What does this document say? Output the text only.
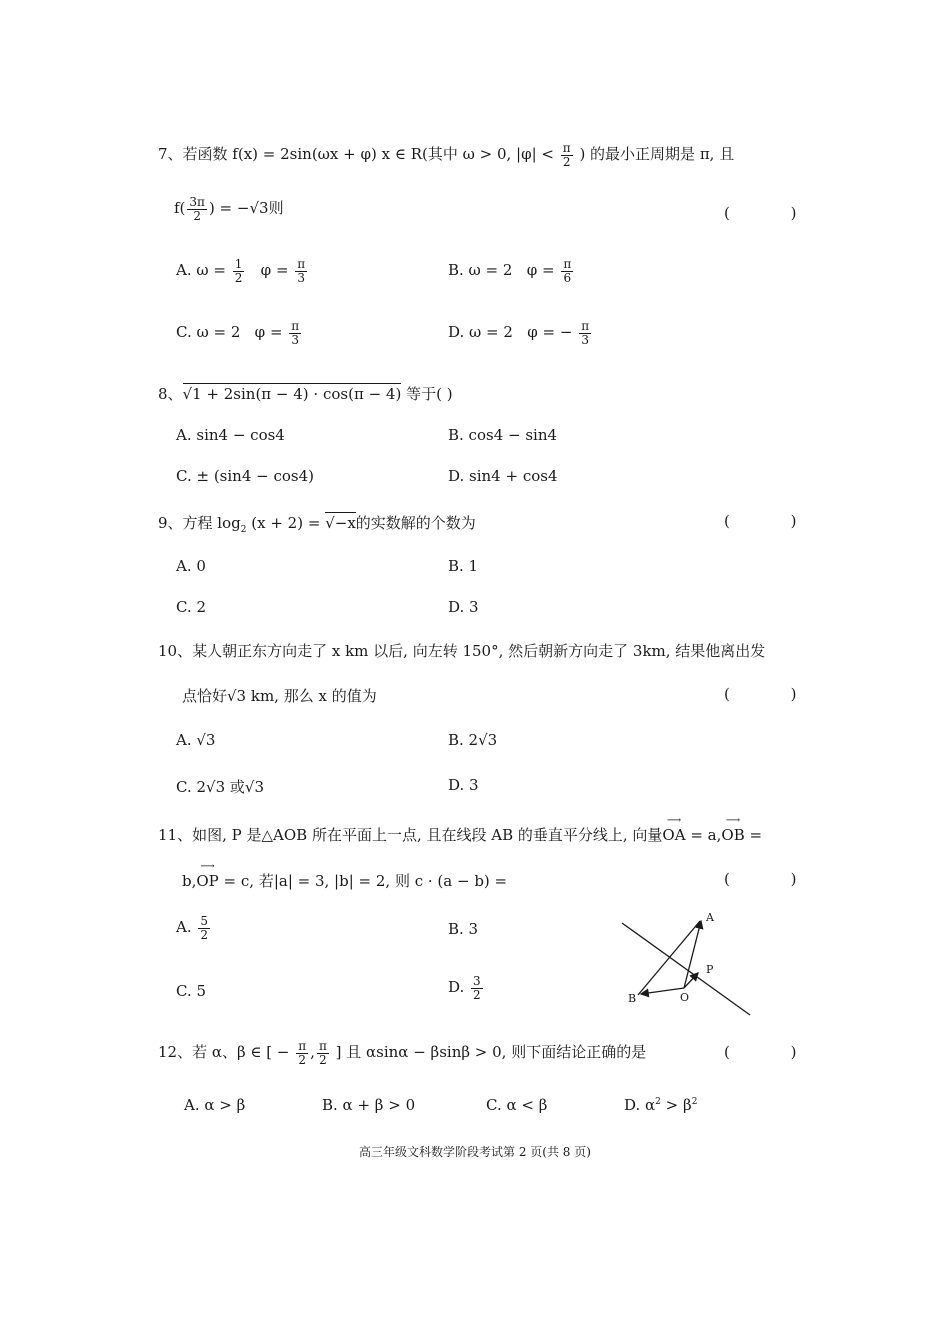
7、若函数 f(x) = 2sin(ωx + φ) x ∈ R(其中 ω > 0, $|\varphi| < \frac{\pi}{2}$ ) 的最小正周期是 π, 且
$f( \frac{3\pi}{2}$ ) = −√3则	( )
A. $\omega = \frac{1}{2}$ $\varphi = \frac{\pi}{3}$	B. ω = 2 $\varphi = \frac{\pi}{6}$
C. ω = 2 $\varphi = \frac{\pi}{3}$	D. ω = 2 φ = − $\frac{\pi}{3}$
8、√1 + 2sin(π − 4) · cos(π − 4) 等于( )
A. sin4 − cos4	B. cos4 − sin4
C. ± (sin4 − cos4)	D. sin4 + cos4
9、方程 $\log_2 (x + 2) = √-x$的实数解的个数为	( )
A. 0	B. 1
C. 2	D. 3
10、某人朝正东方向走了 x km 以后, 向左转 150°, 然后朝新方向走了 3km, 结果他离出发
点恰好√3 km, 那么 x 的值为	( )
A. √3	B. 2√3
C. 2√3 或√3	D. 3
11、如图, P 是△AOB 所在平面上一点, 且在线段 AB 的垂直平分线上, 向量⟶ OA = a,⟶ OB =
b,⟶ OP = c, 若|a| = 3, |b| = 2, 则 c · (a − b) =	( )
A. $\frac{5}{2}$	B. 3
C. 5	D. $\frac{3}{2}$
A
P
B	O
12、若 α、β ∈ [ − $\frac{\pi}{2}$ , $\frac{\pi}{2}$ ] 且 αsinα − βsinβ > 0, 则下面结论正确的是	( )
A. α > β	B. α + β > 0	C. α < β	D. $\alpha^2 > \beta^2$
高三年级文科数学阶段考试第 2 页(共 8 页)
